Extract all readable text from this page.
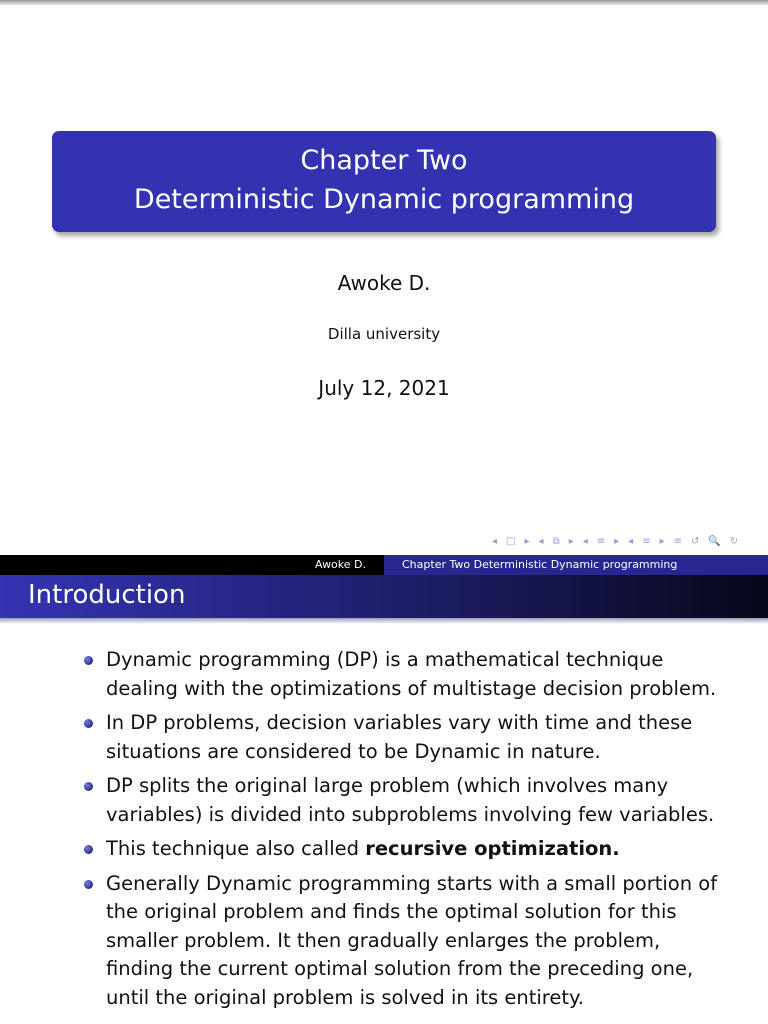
Chapter Two
Deterministic Dynamic programming
Awoke D.
Dilla university
July 12, 2021
◂ □ ▸ ◂ ⧉ ▸ ◂ ≡ ▸ ◂ ≡ ▸ ≡ ↺ 🔍 ↻
Awoke D.	Chapter Two Deterministic Dynamic programming
Introduction
Dynamic programming (DP) is a mathematical technique dealing with the optimizations of multistage decision problem.
In DP problems, decision variables vary with time and these situations are considered to be Dynamic in nature.
DP splits the original large problem (which involves many variables) is divided into subproblems involving few variables.
This technique also called recursive optimization.
Generally Dynamic programming starts with a small portion of the original problem and finds the optimal solution for this smaller problem. It then gradually enlarges the problem, finding the current optimal solution from the preceding one, until the original problem is solved in its entirety.
